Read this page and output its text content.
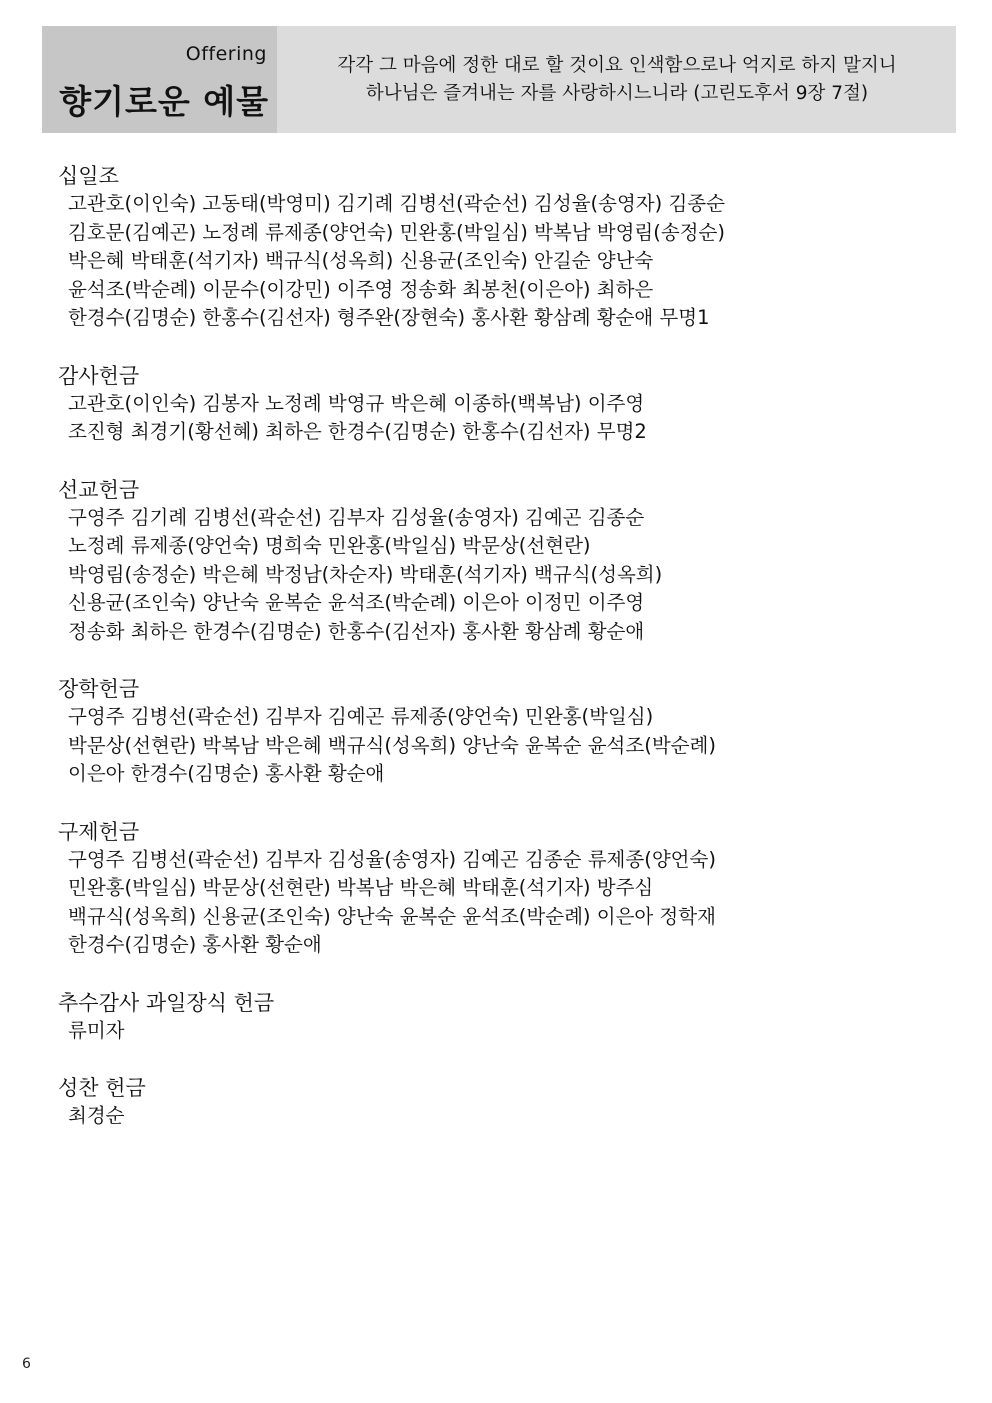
Offering
향기로운 예물
각각 그 마음에 정한 대로 할 것이요 인색함으로나 억지로 하지 말지니
하나님은 즐겨내는 자를 사랑하시느니라 (고린도후서 9장 7절)
십일조
고관호(이인숙) 고동태(박영미) 김기례 김병선(곽순선) 김성율(송영자) 김종순
김호문(김예곤) 노정례 류제종(양언숙) 민완홍(박일심) 박복남 박영림(송정순)
박은혜 박태훈(석기자) 백규식(성옥희) 신용균(조인숙) 안길순 양난숙
윤석조(박순례) 이문수(이강민) 이주영 정송화 최봉천(이은아) 최하은
한경수(김명순) 한홍수(김선자) 형주완(장현숙) 홍사환 황삼례 황순애 무명1
감사헌금
고관호(이인숙) 김봉자 노정례 박영규 박은혜 이종하(백복남) 이주영
조진형 최경기(황선혜) 최하은 한경수(김명순) 한홍수(김선자) 무명2
선교헌금
구영주 김기례 김병선(곽순선) 김부자 김성율(송영자) 김예곤 김종순
노정례 류제종(양언숙) 명희숙 민완홍(박일심) 박문상(선현란)
박영림(송정순) 박은혜 박정남(차순자) 박태훈(석기자) 백규식(성옥희)
신용균(조인숙) 양난숙 윤복순 윤석조(박순례) 이은아 이정민 이주영
정송화 최하은 한경수(김명순) 한홍수(김선자) 홍사환 황삼례 황순애
장학헌금
구영주 김병선(곽순선) 김부자 김예곤 류제종(양언숙) 민완홍(박일심)
박문상(선현란) 박복남 박은혜 백규식(성옥희) 양난숙 윤복순 윤석조(박순례)
이은아 한경수(김명순) 홍사환 황순애
구제헌금
구영주 김병선(곽순선) 김부자 김성율(송영자) 김예곤 김종순 류제종(양언숙)
민완홍(박일심) 박문상(선현란) 박복남 박은혜 박태훈(석기자) 방주심
백규식(성옥희) 신용균(조인숙) 양난숙 윤복순 윤석조(박순례) 이은아 정학재
한경수(김명순) 홍사환 황순애
추수감사 과일장식 헌금
류미자
성찬 헌금
최경순
6
